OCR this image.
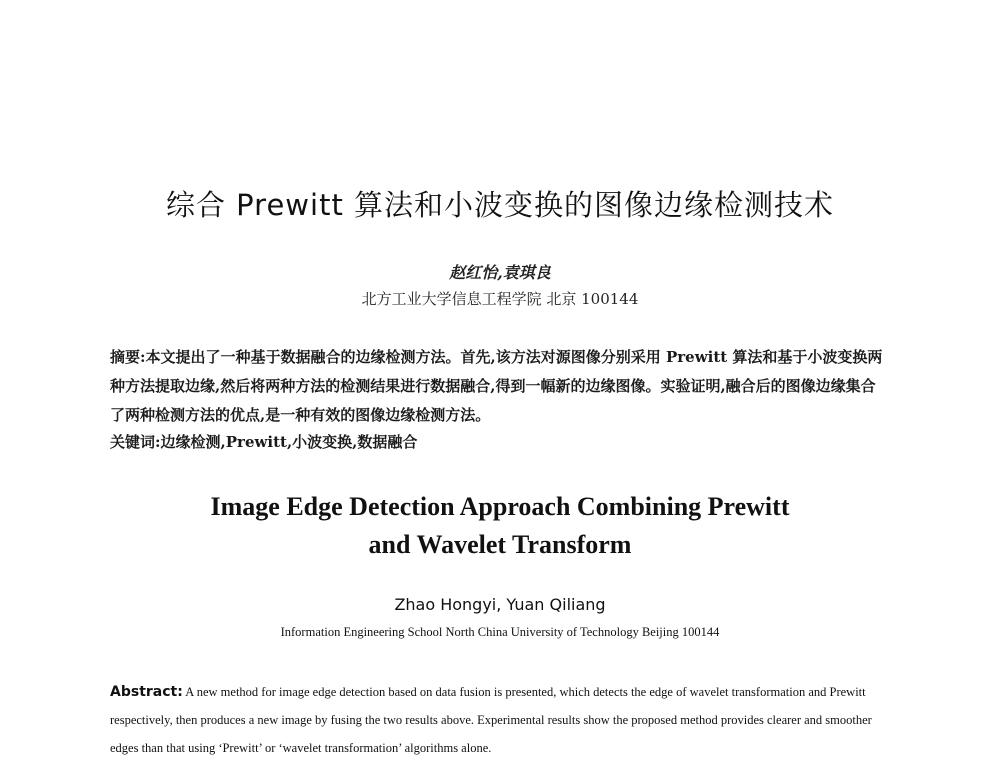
综合 Prewitt 算法和小波变换的图像边缘检测技术
赵红怡,袁琪良
北方工业大学信息工程学院 北京 100144
摘要:本文提出了一种基于数据融合的边缘检测方法。首先,该方法对源图像分别采用 Prewitt 算法和基于小波变换两种方法提取边缘,然后将两种方法的检测结果进行数据融合,得到一幅新的边缘图像。实验证明,融合后的图像边缘集合了两种检测方法的优点,是一种有效的图像边缘检测方法。
关键词:边缘检测,Prewitt,小波变换,数据融合
Image Edge Detection Approach Combining Prewitt
and Wavelet Transform
Zhao Hongyi, Yuan Qiliang
Information Engineering School North China University of Technology Beijing 100144
Abstract: A new method for image edge detection based on data fusion is presented, which detects the edge of wavelet transformation and Prewitt respectively, then produces a new image by fusing the two results above. Experimental results show the proposed method provides clearer and smoother edges than that using ‘Prewitt’ or ‘wavelet transformation’ algorithms alone.
